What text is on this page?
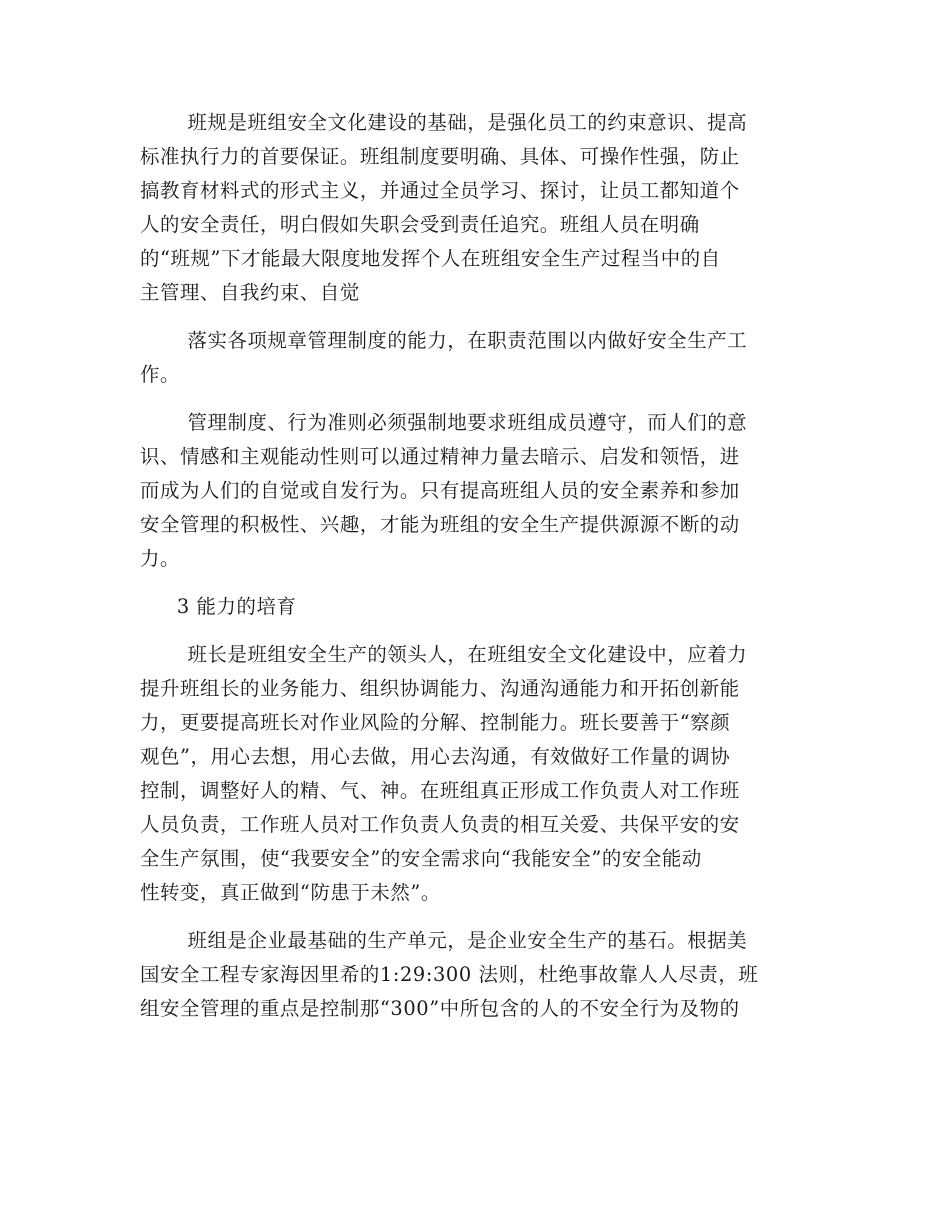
班规是班组安全文化建设的基础，是强化员工的约束意识、提高
标准执行力的首要保证。班组制度要明确、具体、可操作性强，防止
搞教育材料式的形式主义，并通过全员学习、探讨，让员工都知道个
人的安全责任，明白假如失职会受到责任追究。班组人员在明确
的“班规”下才能最大限度地发挥个人在班组安全生产过程当中的自
主管理、自我约束、自觉
落实各项规章管理制度的能力，在职责范围以内做好安全生产工
作。
管理制度、行为准则必须强制地要求班组成员遵守，而人们的意
识、情感和主观能动性则可以通过精神力量去暗示、启发和领悟，进
而成为人们的自觉或自发行为。只有提高班组人员的安全素养和参加
安全管理的积极性、兴趣，才能为班组的安全生产提供源源不断的动
力。
3 能力的培育
班长是班组安全生产的领头人，在班组安全文化建设中，应着力
提升班组长的业务能力、组织协调能力、沟通沟通能力和开拓创新能
力，更要提高班长对作业风险的分解、控制能力。班长要善于“察颜
观色”，用心去想，用心去做，用心去沟通，有效做好工作量的调协
控制，调整好人的精、气、神。在班组真正形成工作负责人对工作班
人员负责，工作班人员对工作负责人负责的相互关爱、共保平安的安
全生产氛围，使“我要安全”的安全需求向“我能安全”的安全能动
性转变，真正做到“防患于未然”。
班组是企业最基础的生产单元，是企业安全生产的基石。根据美
国安全工程专家海因里希的1:29:300 法则，杜绝事故靠人人尽责，班
组安全管理的重点是控制那“300”中所包含的人的不安全行为及物的
